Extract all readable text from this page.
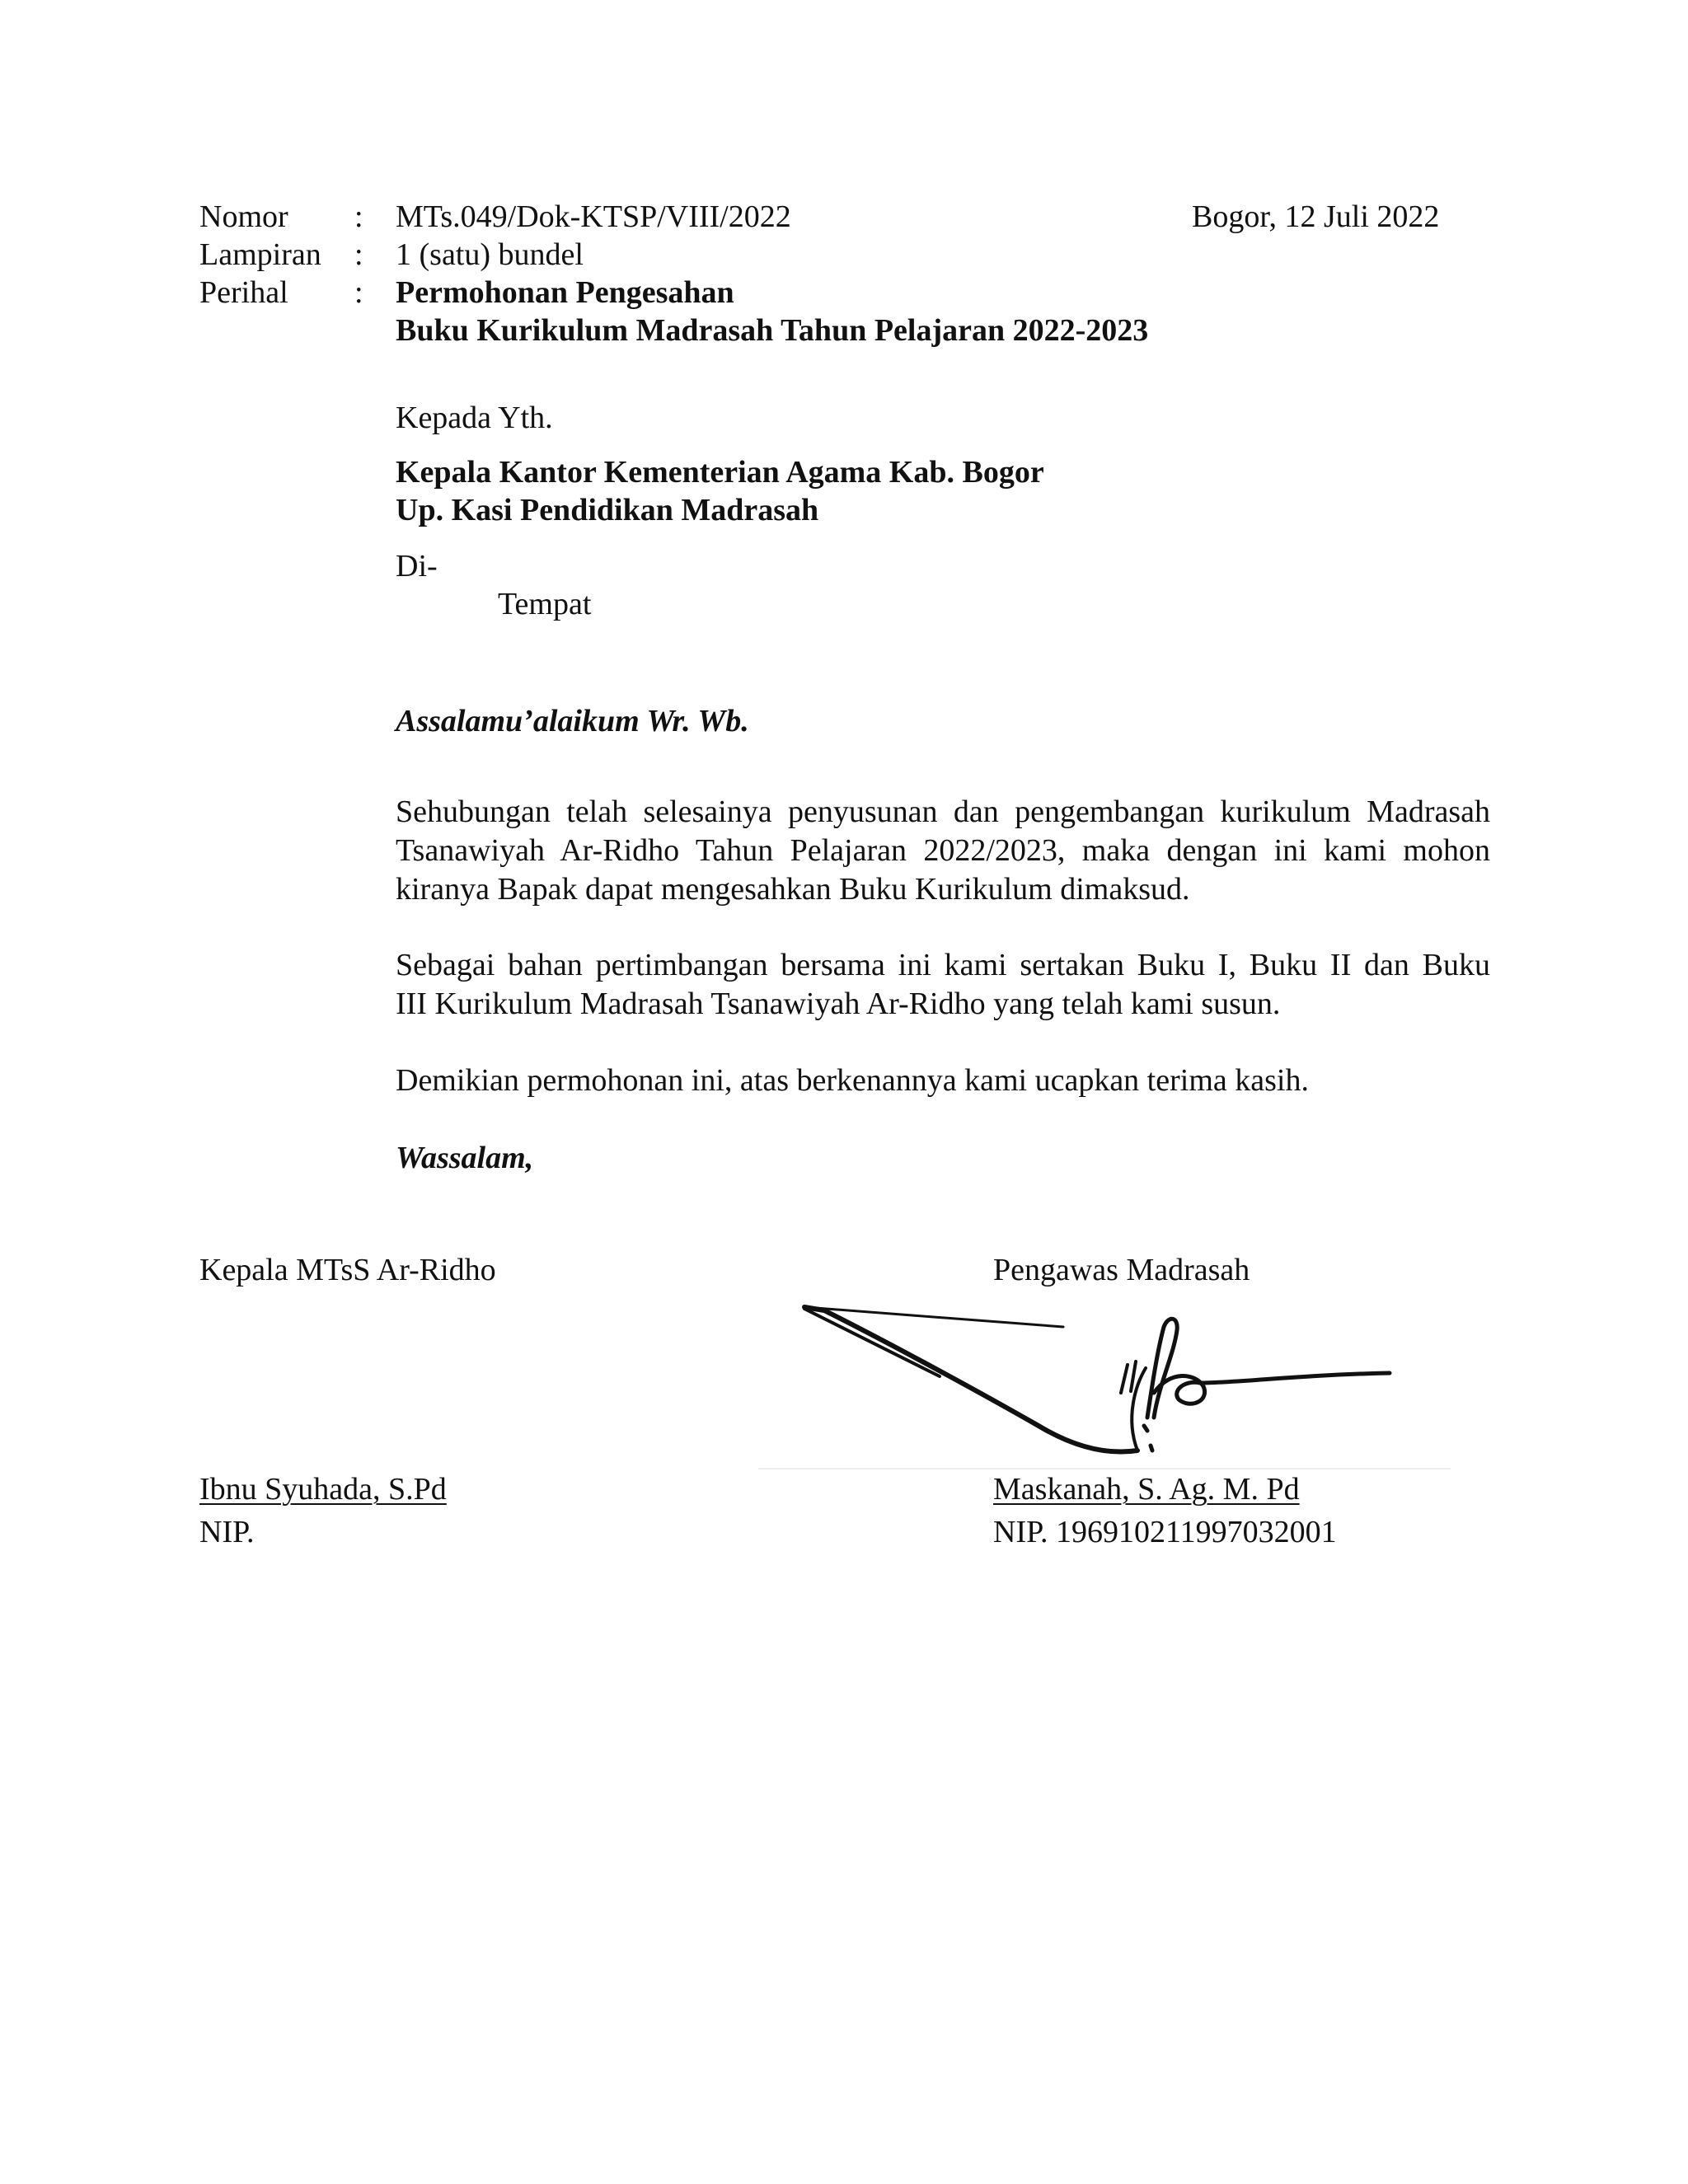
Nomor : MTs.049/Dok-KTSP/VIII/2022	Bogor, 12 Juli 2022
Lampiran : 1 (satu) bundel
Perihal : Permohonan Pengesahan
Buku Kurikulum Madrasah Tahun Pelajaran 2022-2023
Kepada Yth.
Kepala Kantor Kementerian Agama Kab. Bogor
Up. Kasi Pendidikan Madrasah
Di-
Tempat
Assalamu’alaikum Wr. Wb.
Sehubungan telah selesainya penyusunan dan pengembangan kurikulum Madrasah
Tsanawiyah Ar-Ridho Tahun Pelajaran 2022/2023, maka dengan ini kami mohon
kiranya Bapak dapat mengesahkan Buku Kurikulum dimaksud.
Sebagai bahan pertimbangan bersama ini kami sertakan Buku I, Buku II dan Buku
III Kurikulum Madrasah Tsanawiyah Ar-Ridho yang telah kami susun.
Demikian permohonan ini, atas berkenannya kami ucapkan terima kasih.
Wassalam,
Kepala MTsS Ar-Ridho	Pengawas Madrasah
Ibnu Syuhada, S.Pd	Maskanah, S. Ag. M. Pd
NIP.	NIP. 196910211997032001
